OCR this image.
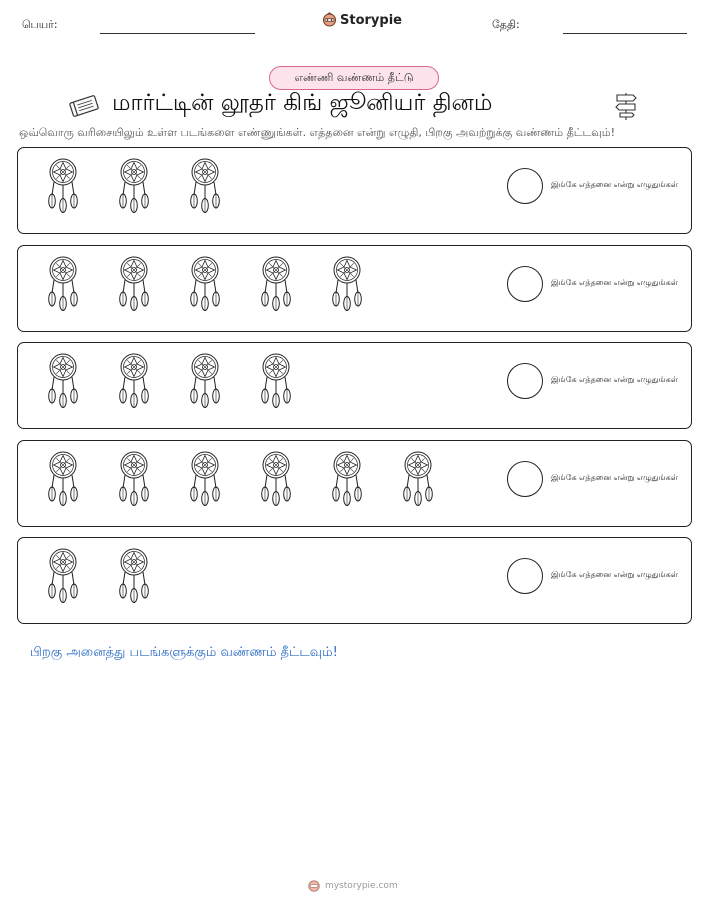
பெயர்:	Storypie	தேதி:
எண்ணி வண்ணம் தீட்டு
மார்ட்டின் லூதர் கிங் ஜூனியர் தினம்
ஒவ்வொரு வரிசையிலும் உள்ள படங்களை எண்ணுங்கள். எத்தனை என்று எழுதி, பிறகு அவற்றுக்கு வண்ணம் தீட்டவும்!
இங்கே எத்தனை என்று எழுதுங்கள்
இங்கே எத்தனை என்று எழுதுங்கள்
இங்கே எத்தனை என்று எழுதுங்கள்
இங்கே எத்தனை என்று எழுதுங்கள்
இங்கே எத்தனை என்று எழுதுங்கள்
பிறகு அனைத்து படங்களுக்கும் வண்ணம் தீட்டவும்!
mystorypie.com
